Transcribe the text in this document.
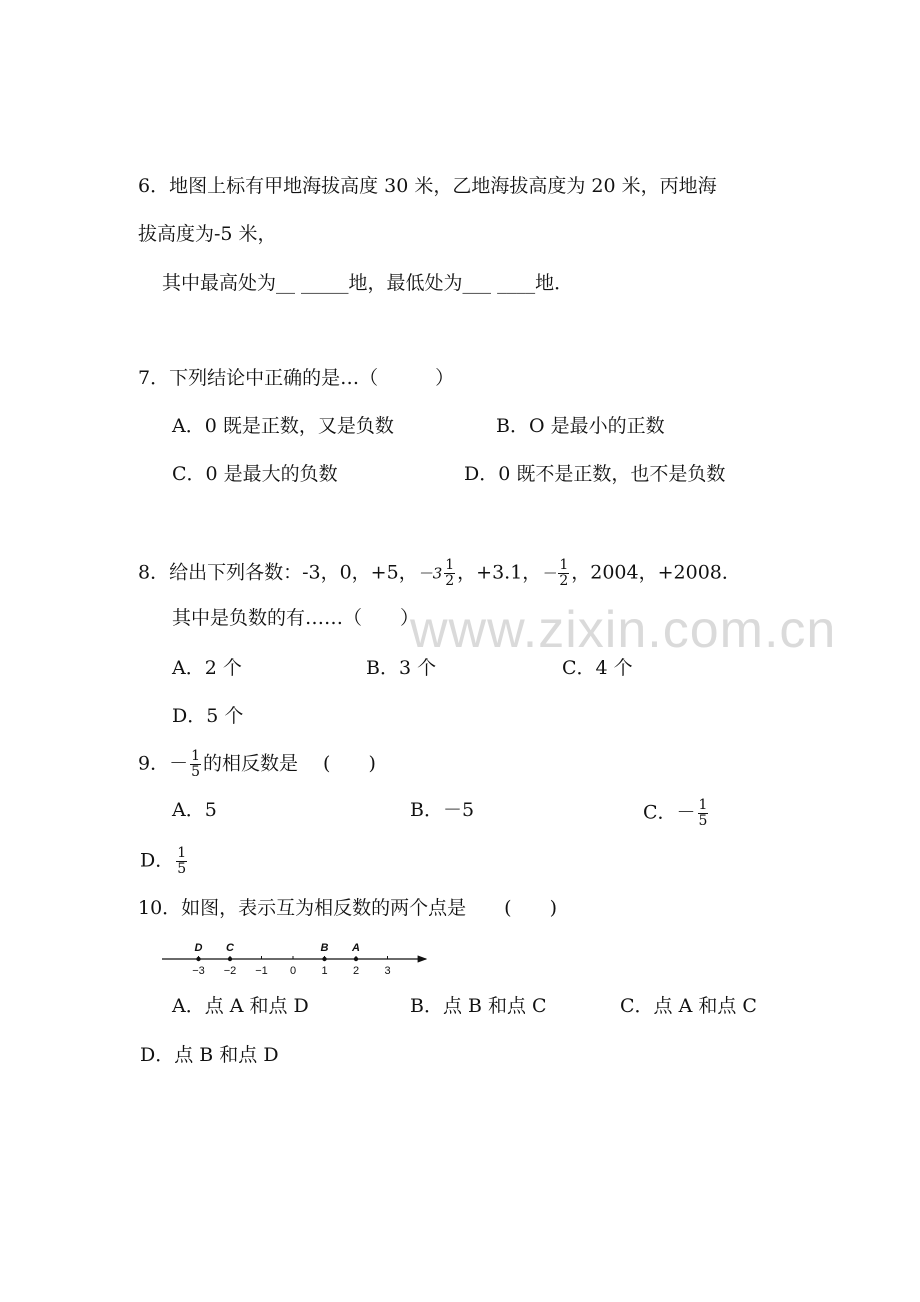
www.zixin.com.cn
6．地图上标有甲地海拔高度 30 米，乙地海拔高度为 20 米，丙地海
拔高度为-5 米，
其中最高处为__ _____地，最低处为___ ____地．
7．下列结论中正确的是…（　　　）
A．0 既是正数，又是负数	B．O 是最小的正数
C．0 是最大的负数	D．0 既不是正数，也不是负数
8．给出下列各数：-3，0，+5，$-3 \frac{1}{2}$ ，+3.1，－ $\frac{1}{2}$ ，2004，+2008．
其中是负数的有……（　　）
A．2 个	B．3 个	C．4 个
D．5 个
9．－ $\frac{1}{5}$ 的相反数是　 (　　)
A．5	B．－5	C．－ $\frac{1}{5}$
D． $\frac{1}{5}$
10．如图，表示互为相反数的两个点是　　(　　)
−3 −2 −1 0 1 2 3
D C	B A
A．点 A 和点 D	B．点 B 和点 C	C．点 A 和点 C
D．点 B 和点 D
